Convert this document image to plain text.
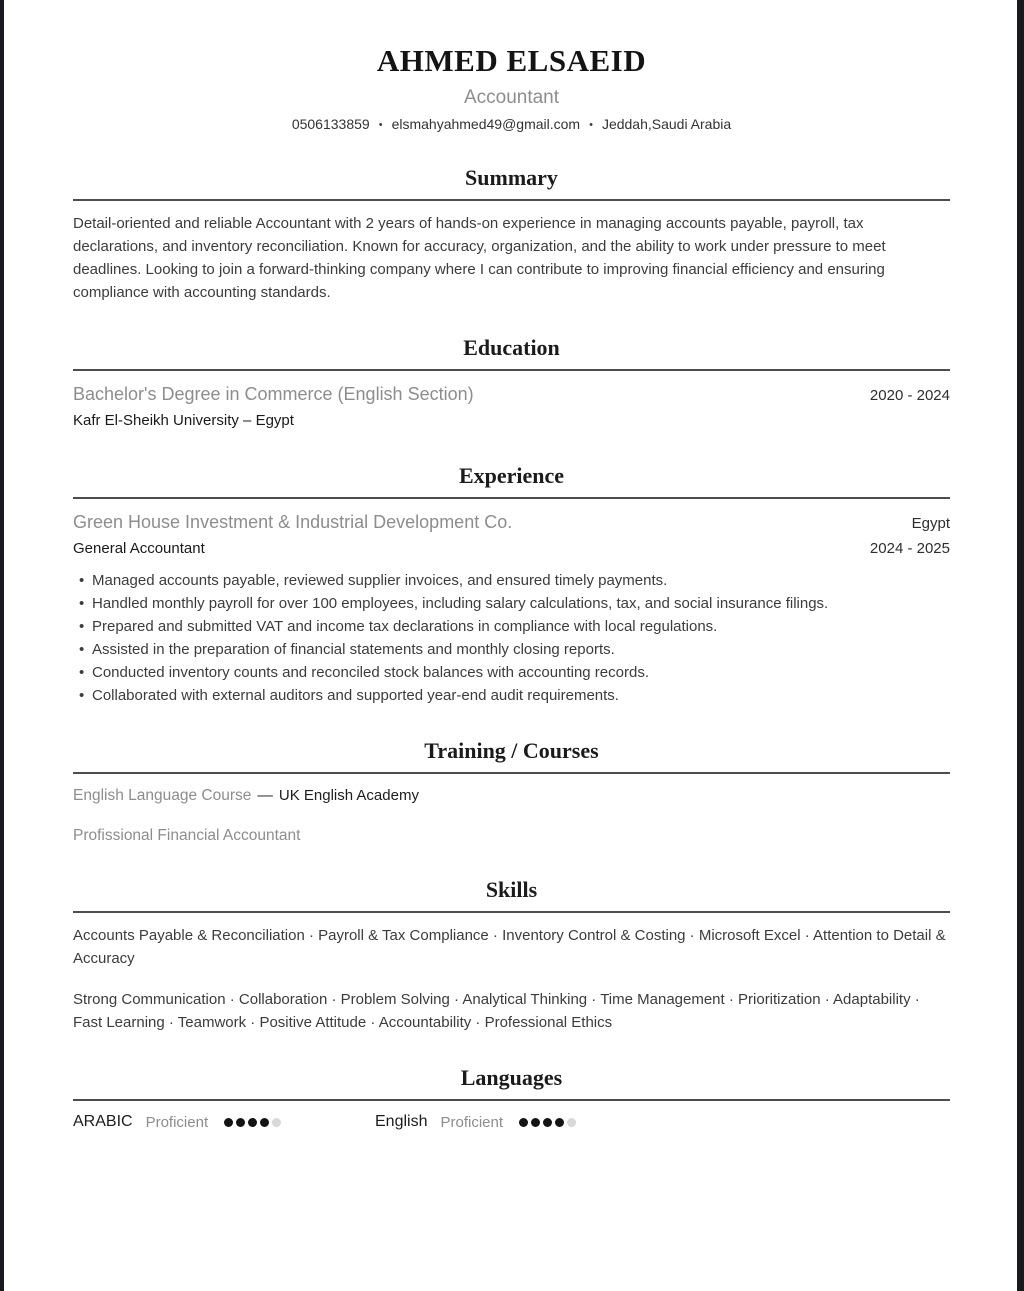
AHMED ELSAEID
Accountant
0506133859 • elsmahyahmed49@gmail.com • Jeddah,Saudi Arabia
Summary

Detail-oriented and reliable Accountant with 2 years of hands-on experience in managing accounts payable, payroll, tax declarations, and inventory reconciliation. Known for accuracy, organization, and the ability to work under pressure to meet deadlines. Looking to join a forward-thinking company where I can contribute to improving financial efficiency and ensuring compliance with accounting standards.

Education
Bachelor's Degree in Commerce (English Section)	2020 - 2024
Kafr El-Sheikh University – Egypt
Experience
Green House Investment & Industrial Development Co.	Egypt
General Accountant	2024 - 2025
• Managed accounts payable, reviewed supplier invoices, and ensured timely payments.
• Handled monthly payroll for over 100 employees, including salary calculations, tax, and social insurance filings.
• Prepared and submitted VAT and income tax declarations in compliance with local regulations.
• Assisted in the preparation of financial statements and monthly closing reports.
• Conducted inventory counts and reconciled stock balances with accounting records.
• Collaborated with external auditors and supported year-end audit requirements.
Training / Courses
English Language Course — UK English Academy
Profissional Financial Accountant
Skills

Accounts Payable & Reconciliation · Payroll & Tax Compliance · Inventory Control & Costing · Microsoft Excel · Attention to Detail & Accuracy

Strong Communication · Collaboration · Problem Solving · Analytical Thinking · Time Management · Prioritization · Adaptability · Fast Learning · Teamwork · Positive Attitude · Accountability · Professional Ethics

Languages
ARABIC Proficient	English Proficient
